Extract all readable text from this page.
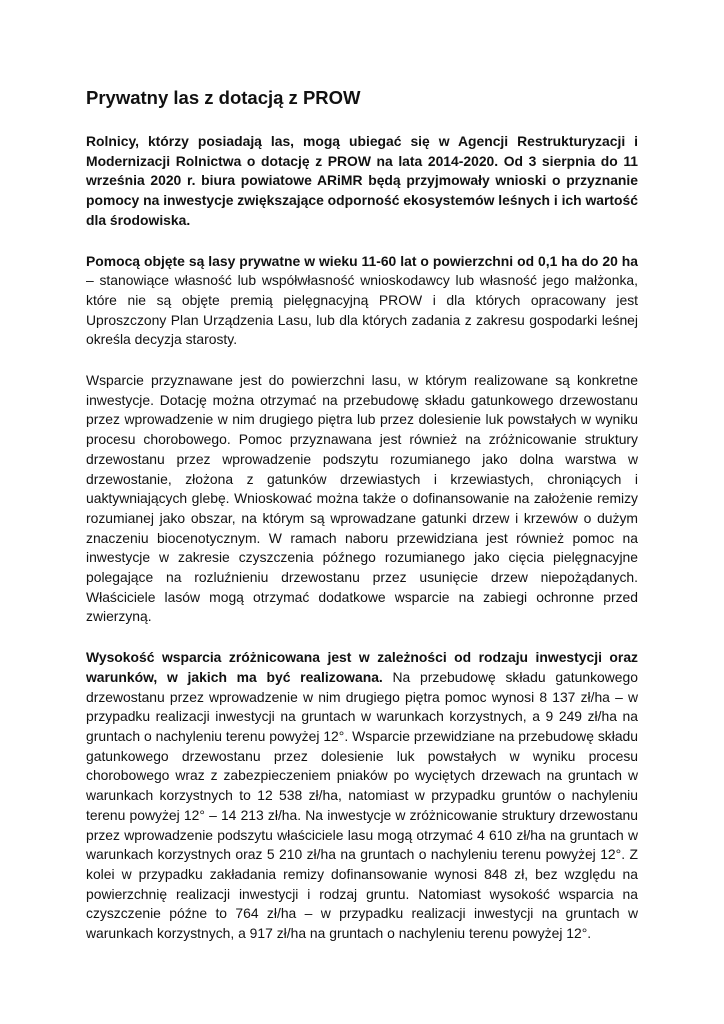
Prywatny las z dotacją z PROW

Rolnicy, którzy posiadają las, mogą ubiegać się w Agencji Restrukturyzacji i Modernizacji Rolnictwa o dotację z PROW na lata 2014-2020. Od 3 sierpnia do 11 września 2020 r. biura powiatowe ARiMR będą przyjmowały wnioski o przyznanie pomocy na inwestycje zwiększające odporność ekosystemów leśnych i ich wartość dla środowiska.

Pomocą objęte są lasy prywatne w wieku 11-60 lat o powierzchni od 0,1 ha do 20 ha – stanowiące własność lub współwłasność wnioskodawcy lub własność jego małżonka, które nie są objęte premią pielęgnacyjną PROW i dla których opracowany jest Uproszczony Plan Urządzenia Lasu, lub dla których zadania z zakresu gospodarki leśnej określa decyzja starosty.

Wsparcie przyznawane jest do powierzchni lasu, w którym realizowane są konkretne inwestycje. Dotację można otrzymać na przebudowę składu gatunkowego drzewostanu przez wprowadzenie w nim drugiego piętra lub przez dolesienie luk powstałych w wyniku procesu chorobowego. Pomoc przyznawana jest również na zróżnicowanie struktury drzewostanu przez wprowadzenie podszytu rozumianego jako dolna warstwa w drzewostanie, złożona z gatunków drzewiastych i krzewiastych, chroniących i uaktywniających glebę. Wnioskować można także o dofinansowanie na założenie remizy rozumianej jako obszar, na którym są wprowadzane gatunki drzew i krzewów o dużym znaczeniu biocenotycznym. W ramach naboru przewidziana jest również pomoc na inwestycje w zakresie czyszczenia późnego rozumianego jako cięcia pielęgnacyjne polegające na rozluźnieniu drzewostanu przez usunięcie drzew niepożądanych. Właściciele lasów mogą otrzymać dodatkowe wsparcie na zabiegi ochronne przed zwierzyną.

Wysokość wsparcia zróżnicowana jest w zależności od rodzaju inwestycji oraz warunków, w jakich ma być realizowana. Na przebudowę składu gatunkowego drzewostanu przez wprowadzenie w nim drugiego piętra pomoc wynosi 8 137 zł/ha – w przypadku realizacji inwestycji na gruntach w warunkach korzystnych, a 9 249 zł/ha na gruntach o nachyleniu terenu powyżej 12°. Wsparcie przewidziane na przebudowę składu gatunkowego drzewostanu przez dolesienie luk powstałych w wyniku procesu chorobowego wraz z zabezpieczeniem pniaków po wyciętych drzewach na gruntach w warunkach korzystnych to 12 538 zł/ha, natomiast w przypadku gruntów o nachyleniu terenu powyżej 12° – 14 213 zł/ha. Na inwestycje w zróżnicowanie struktury drzewostanu przez wprowadzenie podszytu właściciele lasu mogą otrzymać 4 610 zł/ha na gruntach w warunkach korzystnych oraz 5 210 zł/ha na gruntach o nachyleniu terenu powyżej 12°. Z kolei w przypadku zakładania remizy dofinansowanie wynosi 848 zł, bez względu na powierzchnię realizacji inwestycji i rodzaj gruntu. Natomiast wysokość wsparcia na czyszczenie późne to 764 zł/ha – w przypadku realizacji inwestycji na gruntach w warunkach korzystnych, a 917 zł/ha na gruntach o nachyleniu terenu powyżej 12°.
